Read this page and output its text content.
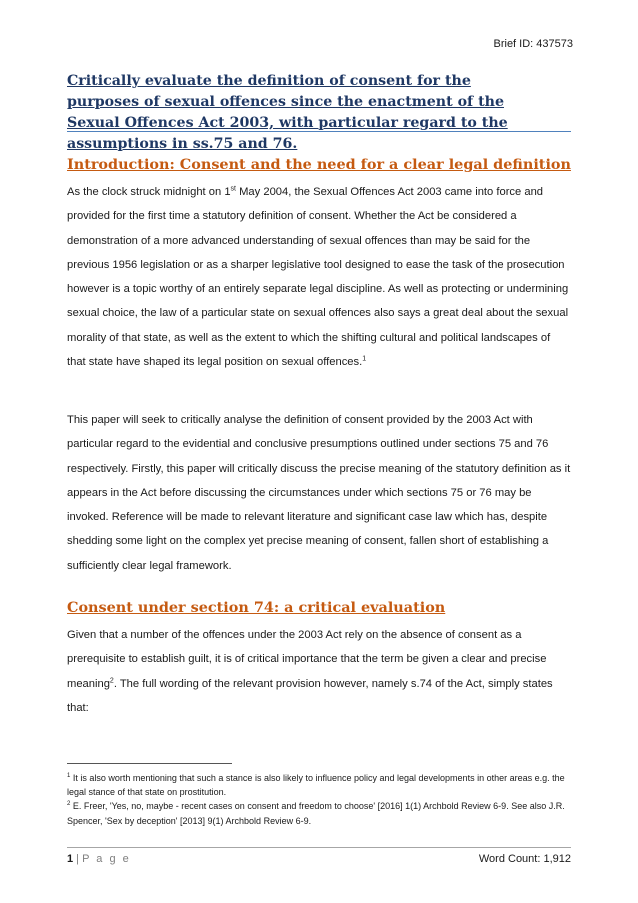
Brief ID: 437573
Critically evaluate the definition of consent for the purposes of sexual offences since the enactment of the Sexual Offences Act 2003, with particular regard to the assumptions in ss.75 and 76.
Introduction: Consent and the need for a clear legal definition

As the clock struck midnight on 1st May 2004, the Sexual Offences Act 2003 came into force and provided for the first time a statutory definition of consent. Whether the Act be considered a demonstration of a more advanced understanding of sexual offences than may be said for the previous 1956 legislation or as a sharper legislative tool designed to ease the task of the prosecution however is a topic worthy of an entirely separate legal discipline. As well as protecting or undermining sexual choice, the law of a particular state on sexual offences also says a great deal about the sexual morality of that state, as well as the extent to which the shifting cultural and political landscapes of that state have shaped its legal position on sexual offences.$^1$

This paper will seek to critically analyse the definition of consent provided by the 2003 Act with particular regard to the evidential and conclusive presumptions outlined under sections 75 and 76 respectively. Firstly, this paper will critically discuss the precise meaning of the statutory definition as it appears in the Act before discussing the circumstances under which sections 75 or 76 may be invoked. Reference will be made to relevant literature and significant case law which has, despite shedding some light on the complex yet precise meaning of consent, fallen short of establishing a sufficiently clear legal framework.

Consent under section 74: a critical evaluation

Given that a number of the offences under the 2003 Act rely on the absence of consent as a prerequisite to establish guilt, it is of critical importance that the term be given a clear and precise meaning$^2$. The full wording of the relevant provision however, namely s.74 of the Act, simply states that:

$^1$ It is also worth mentioning that such a stance is also likely to influence policy and legal developments in other areas e.g. the legal stance of that state on prostitution.

$^2$ E. Freer, 'Yes, no, maybe - recent cases on consent and freedom to choose' [2016] 1(1) Archbold Review 6-9. See also J.R. Spencer, 'Sex by deception' [2013] 9(1) Archbold Review 6-9.

1 | P a g e	Word Count: 1,912
